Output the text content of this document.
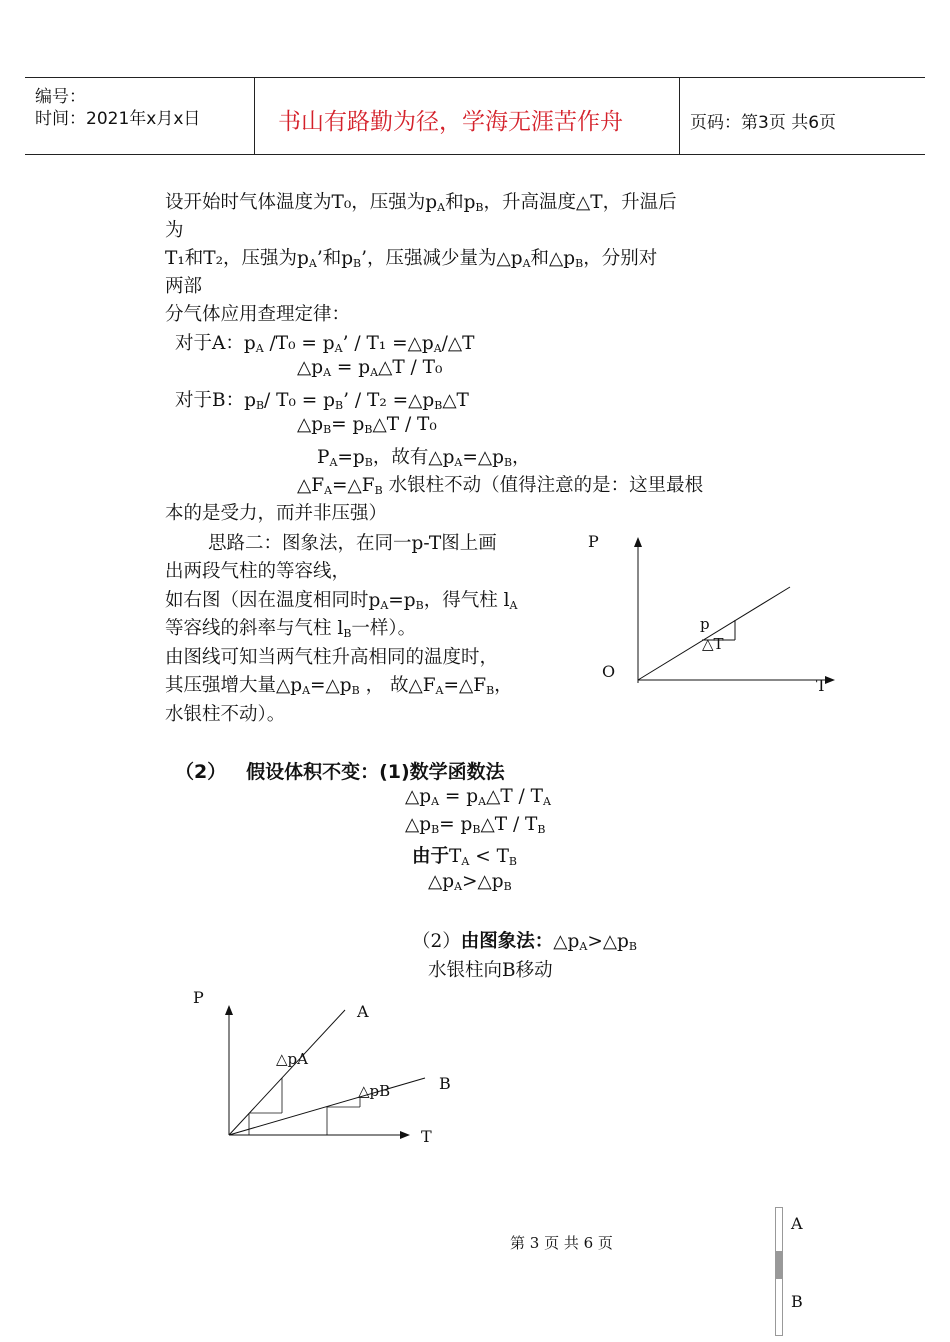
编号：
时间：2021年x月x日	书山有路勤为径，学海无涯苦作舟	页码：第3页 共6页
设开始时气体温度为T₀，压强为$p_A$和$p_B$，升高温度△T，升温后
为
T₁和T₂，压强为$p_A$’和$p_B$’，压强减少量为$\triangle p_A$和$\triangle p_B$，分别对
两部
分气体应用查理定律：
对于A：$p_A$ $/T_0 = p_A$’ / $T_1 =\triangle p_A/\triangle T$
$\triangle p_A$ = $p_A\triangle T / T_0$
对于B：$p_B/$ $T_0 = p_B$’ / $T_2 =\triangle p_B\triangle T$
$\triangle p_B=$ $p_B\triangle T / T_0$
$P_A=p_B$，故有$\triangle p_A=\triangle p_B$，
$\triangle F_A=\triangle F_B$ 水银柱不动（值得注意的是：这里最根
本的是受力，而并非压强）
思路二：图象法，在同一p-T图上画
出两段气柱的等容线，
如右图（因在温度相同时$p_A=p_B$，得气柱 $l_A$
等容线的斜率与气柱 $l_B$一样）。
由图线可知当两气柱升高相同的温度时，
其压强增大量$\triangle p_A=\triangle p_B$ ， 故$\triangle F_A=\triangle F_B$，
水银柱不动）。
P
O
T
p
△T
（2） 假设体积不变：(1)数学函数法
$\triangle p_A$ = $p_A\triangle T / T_A$
$\triangle p_B=$ $p_B\triangle T / T_B$
由于$T_A < T_B$
$\triangle p_A>\triangle p_B$
（2）由图象法：$\triangle p_A>\triangle p_B$
水银柱向B移动
P
T
A
B
△pA
△pB
A
B
第 3 页 共 6 页
